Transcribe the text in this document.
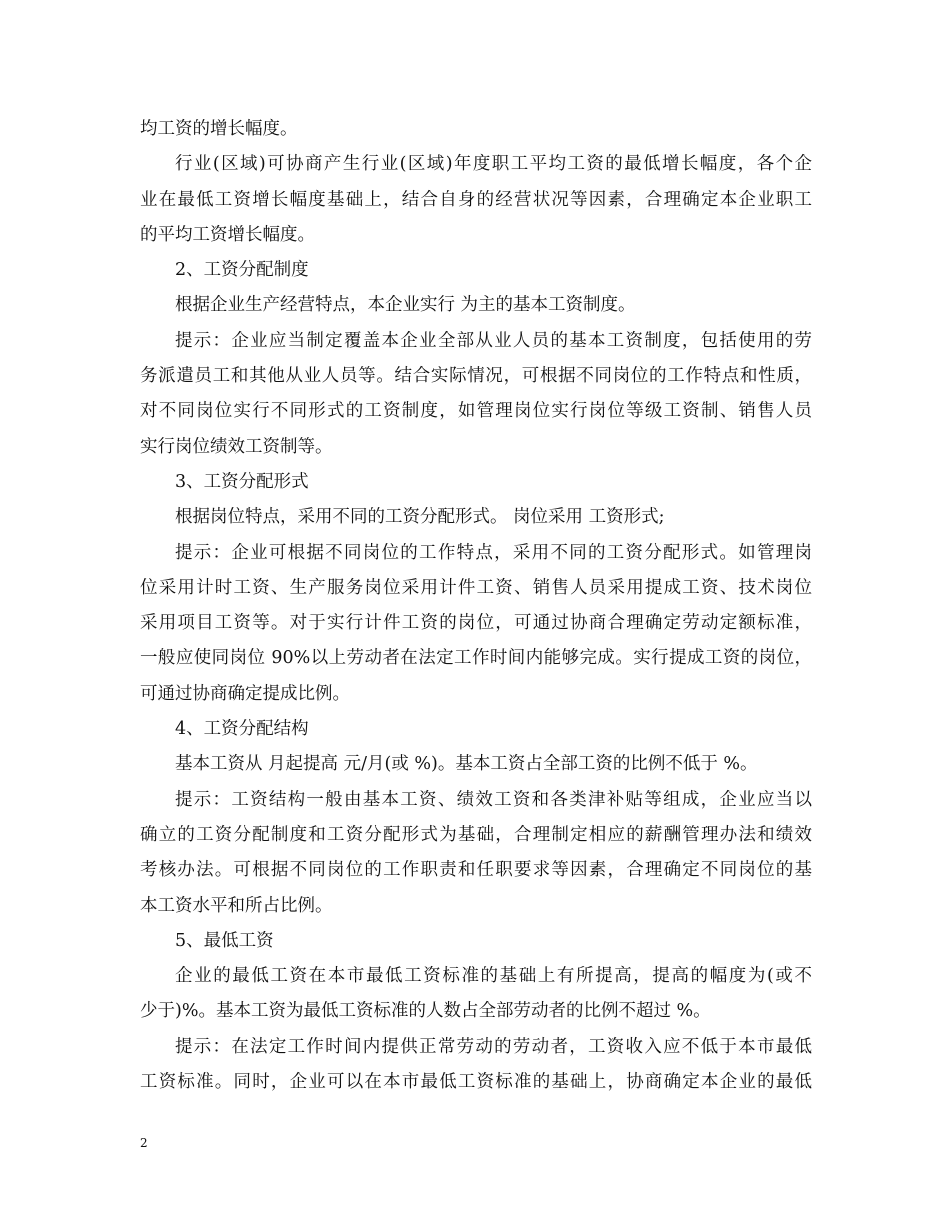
均工资的增长幅度。
行业(区域)可协商产生行业(区域)年度职工平均工资的最低增长幅度，各个企
业在最低工资增长幅度基础上，结合自身的经营状况等因素，合理确定本企业职工
的平均工资增长幅度。
2、工资分配制度
根据企业生产经营特点，本企业实行 为主的基本工资制度。
提示：企业应当制定覆盖本企业全部从业人员的基本工资制度，包括使用的劳
务派遣员工和其他从业人员等。结合实际情况，可根据不同岗位的工作特点和性质，
对不同岗位实行不同形式的工资制度，如管理岗位实行岗位等级工资制、销售人员
实行岗位绩效工资制等。
3、工资分配形式
根据岗位特点，采用不同的工资分配形式。 岗位采用 工资形式;
提示：企业可根据不同岗位的工作特点，采用不同的工资分配形式。如管理岗
位采用计时工资、生产服务岗位采用计件工资、销售人员采用提成工资、技术岗位
采用项目工资等。对于实行计件工资的岗位，可通过协商合理确定劳动定额标准，
一般应使同岗位 90%以上劳动者在法定工作时间内能够完成。实行提成工资的岗位，
可通过协商确定提成比例。
4、工资分配结构
基本工资从 月起提高 元/月(或 %)。基本工资占全部工资的比例不低于 %。
提示：工资结构一般由基本工资、绩效工资和各类津补贴等组成，企业应当以
确立的工资分配制度和工资分配形式为基础，合理制定相应的薪酬管理办法和绩效
考核办法。可根据不同岗位的工作职责和任职要求等因素，合理确定不同岗位的基
本工资水平和所占比例。
5、最低工资
企业的最低工资在本市最低工资标准的基础上有所提高，提高的幅度为(或不
少于)%。基本工资为最低工资标准的人数占全部劳动者的比例不超过 %。
提示：在法定工作时间内提供正常劳动的劳动者，工资收入应不低于本市最低
工资标准。同时，企业可以在本市最低工资标准的基础上，协商确定本企业的最低
2
